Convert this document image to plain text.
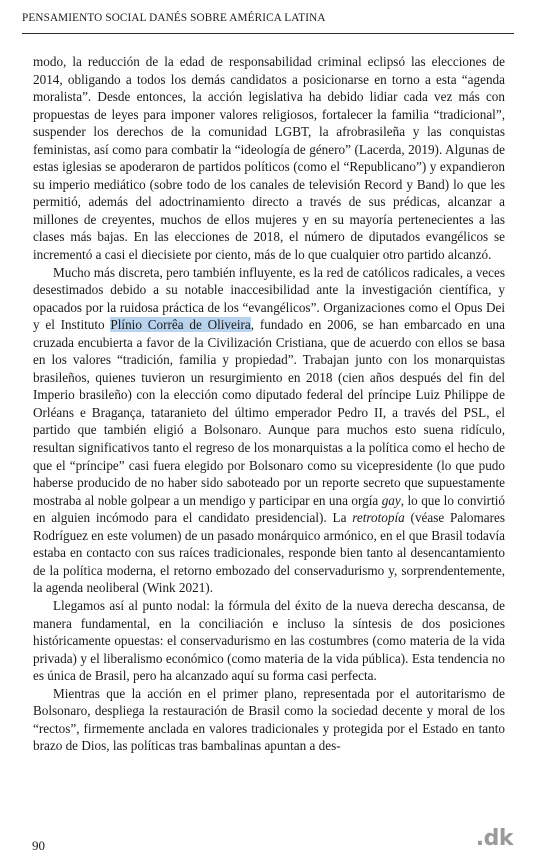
PENSAMIENTO SOCIAL DANÉS SOBRE AMÉRICA LATINA

modo, la reducción de la edad de responsabilidad criminal eclipsó las elecciones de 2014, obligando a todos los demás candidatos a posicionarse en torno a esta “agenda moralista”. Desde entonces, la acción legislativa ha debido lidiar cada vez más con propuestas de leyes para imponer valores religiosos, fortalecer la familia “tradicional”, suspender los derechos de la comunidad LGBT, la afrobrasileña y las conquistas feministas, así como para combatir la “ideología de género” (Lacerda, 2019). Algunas de estas iglesias se apoderaron de partidos políticos (como el “Republicano”) y expandieron su imperio mediático (sobre todo de los canales de televisión Record y Band) lo que les permitió, además del adoctrinamiento directo a través de sus prédicas, alcanzar a millones de creyentes, muchos de ellos mujeres y en su mayoría pertenecientes a las clases más bajas. En las elecciones de 2018, el número de diputados evangélicos se incrementó a casi el diecisiete por ciento, más de lo que cualquier otro partido alcanzó.

Mucho más discreta, pero también influyente, es la red de católicos radicales, a veces desestimados debido a su notable inaccesibilidad ante la investigación científica, y opacados por la ruidosa práctica de los “evangélicos”. Organizaciones como el Opus Dei y el Instituto Plínio Corrêa de Oliveira, fundado en 2006, se han embarcado en una cruzada encubierta a favor de la Civilización Cristiana, que de acuerdo con ellos se basa en los valores “tradición, familia y propiedad”. Trabajan junto con los monarquistas brasileños, quienes tuvieron un resurgimiento en 2018 (cien años después del fin del Imperio brasileño) con la elección como diputado federal del príncipe Luiz Philippe de Orléans e Bragança, tataranieto del último emperador Pedro II, a través del PSL, el partido que también eligió a Bolsonaro. Aunque para muchos esto suena ridículo, resultan significativos tanto el regreso de los monarquistas a la política como el hecho de que el “príncipe” casi fuera elegido por Bolsonaro como su vicepresidente (lo que pudo haberse producido de no haber sido saboteado por un reporte secreto que supuestamente mostraba al noble golpear a un mendigo y participar en una orgía gay, lo que lo convirtió en alguien incómodo para el candidato presidencial). La retrotopía (véase Palomares Rodríguez en este volumen) de un pasado monárquico armónico, en el que Brasil todavía estaba en contacto con sus raíces tradicionales, responde bien tanto al desencantamiento de la política moderna, el retorno embozado del conservadurismo y, sorprendentemente, la agenda neoliberal (Wink 2021).

Llegamos así al punto nodal: la fórmula del éxito de la nueva derecha descansa, de manera fundamental, en la conciliación e incluso la síntesis de dos posiciones históricamente opuestas: el conservadurismo en las costumbres (como materia de la vida privada) y el liberalismo económico (como materia de la vida pública). Esta tendencia no es única de Brasil, pero ha alcanzado aquí su forma casi perfecta.

Mientras que la acción en el primer plano, representada por el autoritarismo de Bolsonaro, despliega la restauración de Brasil como la sociedad decente y moral de los “rectos”, firmemente anclada en valores tradicionales y protegida por el Estado en tanto brazo de Dios, las políticas tras bambalinas apuntan a des-

90	.dk
